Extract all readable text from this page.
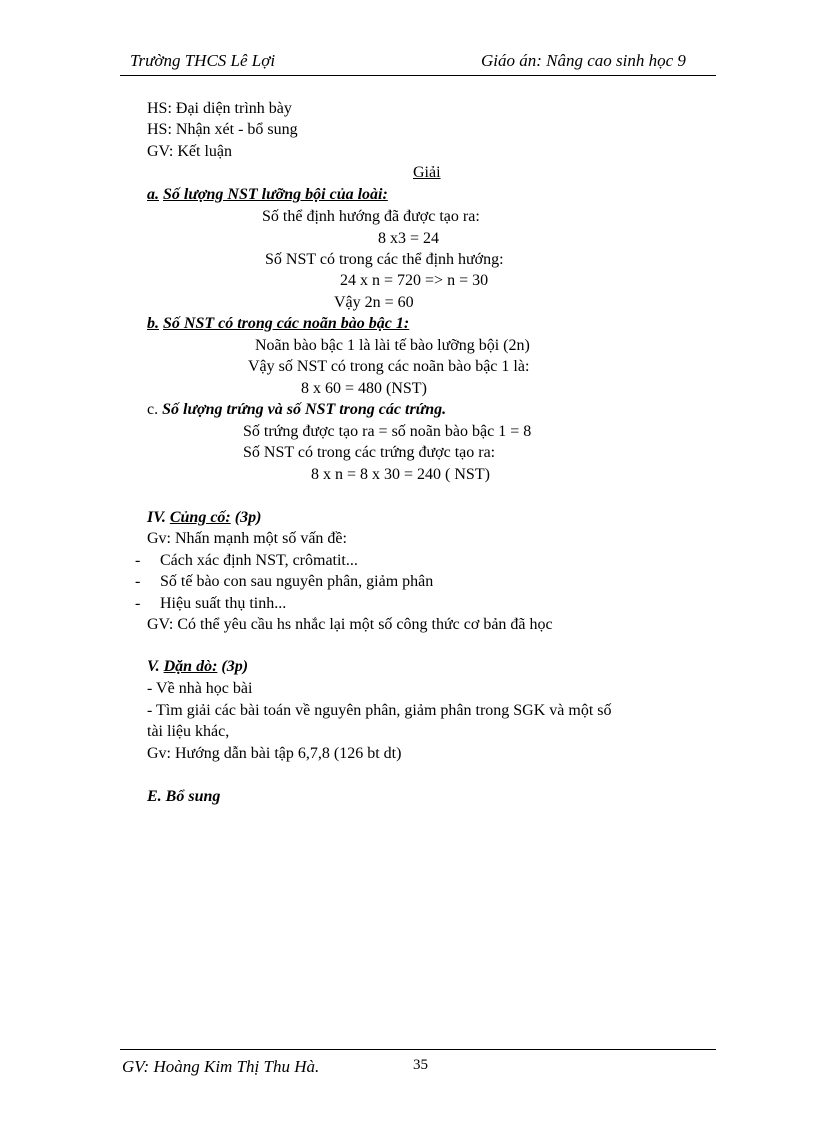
Trường THCS Lê Lợi	Giáo án: Nâng cao sinh học 9
HS: Đại diện trình bày
HS: Nhận xét - bổ sung
GV: Kết luận
Giải
a. Số lượng NST lưỡng bội của loài:
Số thể định hướng đã được tạo ra:
8 x3 = 24
Số NST có trong các thể định hướng:
24 x n = 720 => n = 30
Vậy 2n = 60
b. Số NST có trong các noãn bào bậc 1:
Noãn bào bậc 1 là lài tế bào lưỡng bội (2n)
Vậy số NST có trong các noãn bào bậc 1 là:
8 x 60 = 480 (NST)
c. Số lượng trứng và số NST trong các trứng.
Số trứng được tạo ra = số noãn bào bậc 1 = 8
Số NST có trong các trứng được tạo ra:
8 x n = 8 x 30 = 240 ( NST)
IV. Củng cố: (3p)
Gv: Nhấn mạnh một số vấn đề:
- Cách xác định NST, crômatit...
- Số tế bào con sau nguyên phân, giảm phân
- Hiệu suất thụ tinh...
GV: Có thể yêu cầu hs nhắc lại một số công thức cơ bản đã học
V. Dặn dò: (3p)
- Về nhà học bài
- Tìm giải các bài toán về nguyên phân, giảm phân trong SGK và một số
tài liệu khác,
Gv: Hướng dẫn bài tập 6,7,8 (126 bt dt)
E. Bổ sung
GV: Hoàng Kim Thị Thu Hà.	35
